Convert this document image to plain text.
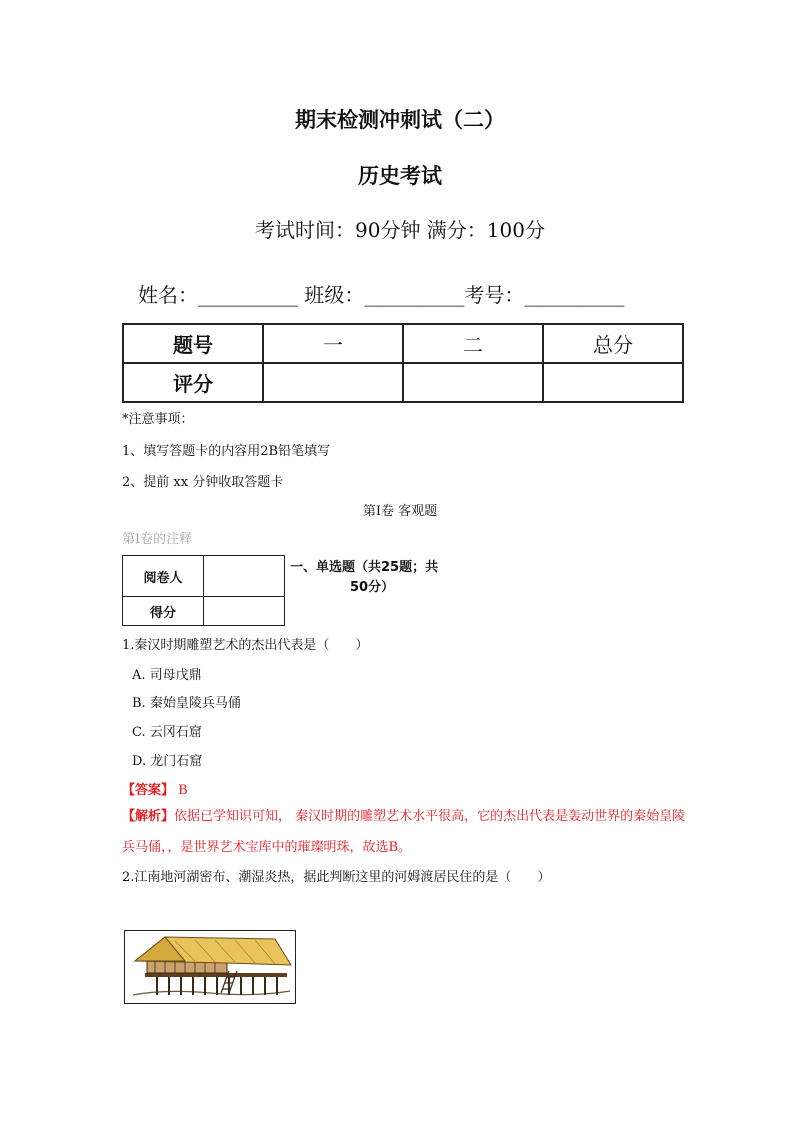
期末检测冲刺试（二）
历史考试
考试时间：90分钟 满分：100分
姓名：__________ 班级：__________考号：__________
题号	一	二	总分
评分			
*注意事项：
1、填写答题卡的内容用2B铅笔填写
2、提前 xx 分钟收取答题卡
第Ⅰ卷 客观题
第Ⅰ卷的注释
阅卷人	
得分	
一、单选题（共25题；共
50分）
1.秦汉时期雕塑艺术的杰出代表是（　　）
A. 司母戊鼎
B. 秦始皇陵兵马俑
C. 云冈石窟
D. 龙门石窟
【答案】 B
【解析】依据已学知识可知， 秦汉时期的雕塑艺术水平很高，它的杰出代表是轰动世界的秦始皇陵兵马俑，，是世界艺术宝库中的璀璨明珠，故选B。
2.江南地河湖密布、潮湿炎热，据此判断这里的河姆渡居民住的是（　　）
